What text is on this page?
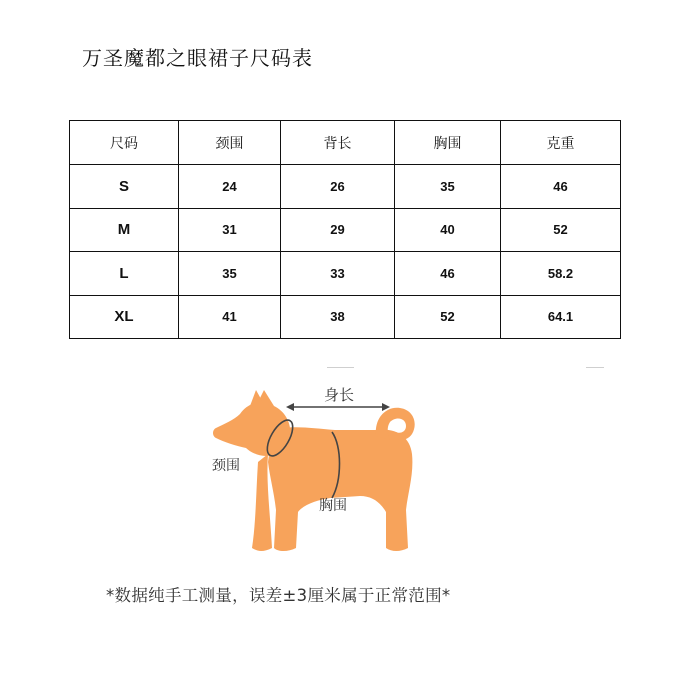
万圣魔都之眼裙子尺码表
尺码	颈围	背长	胸围	克重
S	24	26	35	46
M	31	29	40	52
L	35	33	46	58.2
XL	41	38	52	64.1
身长
颈围
胸围
*数据纯手工测量，误差±3厘米属于正常范围*
